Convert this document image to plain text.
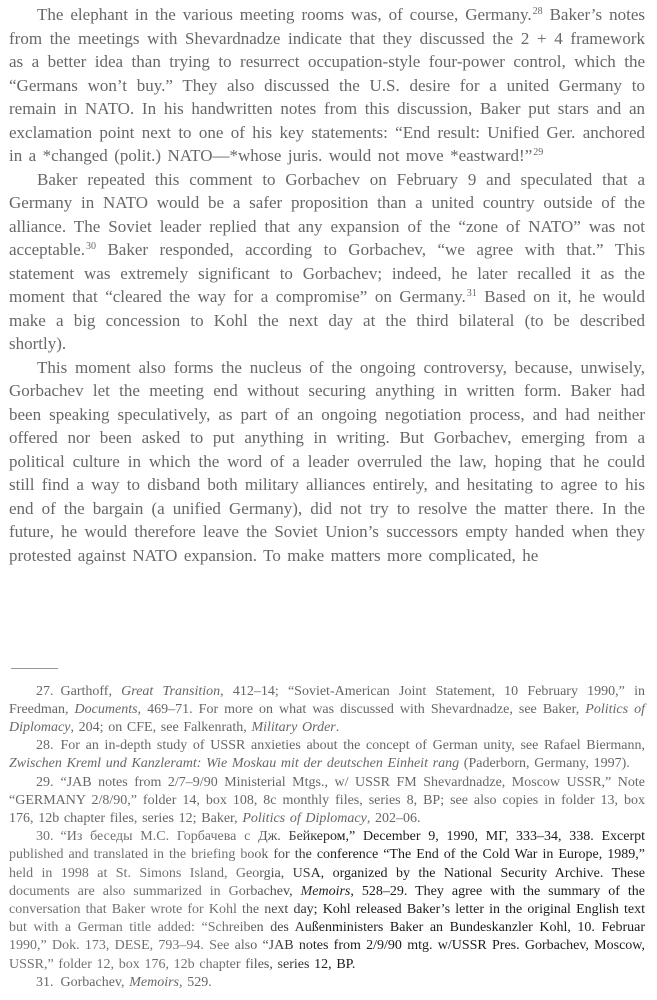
The elephant in the various meeting rooms was, of course, Germany.$^{28}$ Baker’s notes from the meetings with Shevardnadze indicate that they discussed the 2 + 4 framework as a better idea than trying to resurrect occupation-style four-power control, which the “Germans won’t buy.” They also discussed the U.S. desire for a united Germany to remain in NATO. In his handwritten notes from this discussion, Baker put stars and an exclamation point next to one of his key statements: “End result: Unified Ger. anchored in a *changed (polit.) NATO—*whose juris. would not move *eastward!”$^{29}$

Baker repeated this comment to Gorbachev on February 9 and speculated that a Germany in NATO would be a safer proposition than a united country outside of the alliance. The Soviet leader replied that any expansion of the “zone of NATO” was not acceptable.$^{30}$ Baker responded, according to Gorbachev, “we agree with that.” This statement was extremely significant to Gorbachev; indeed, he later recalled it as the moment that “cleared the way for a compromise” on Germany.$^{31}$ Based on it, he would make a big concession to Kohl the next day at the third bilateral (to be described shortly).

This moment also forms the nucleus of the ongoing controversy, because, unwisely, Gorbachev let the meeting end without securing anything in written form. Baker had been speaking speculatively, as part of an ongoing negotiation process, and had neither offered nor been asked to put anything in writing. But Gorbachev, emerging from a political culture in which the word of a leader overruled the law, hoping that he could still find a way to disband both military alliances entirely, and hesitating to agree to his end of the bargain (a unified Germany), did not try to resolve the matter there. In the future, he would therefore leave the Soviet Union’s successors empty handed when they protested against NATO expansion. To make matters more complicated, he

27. Garthoff, Great Transition, 412–14; “Soviet-American Joint Statement, 10 February 1990,” in Freedman, Documents, 469–71. For more on what was discussed with Shevardnadze, see Baker, Politics of Diplomacy, 204; on CFE, see Falkenrath, Military Order.

28. For an in-depth study of USSR anxieties about the concept of German unity, see Rafael Biermann, Zwischen Kreml und Kanzleramt: Wie Moskau mit der deutschen Einheit rang (Paderborn, Germany, 1997).

29. “JAB notes from 2/7–9/90 Ministerial Mtgs., w/ USSR FM Shevardnadze, Moscow USSR,” Note “GERMANY 2/8/90,” folder 14, box 108, 8c monthly files, series 8, BP; see also copies in folder 13, box 176, 12b chapter files, series 12; Baker, Politics of Diplomacy, 202–06.

30. “Из беседы М.С. Горбачева с Дж. Бейкером,” December 9, 1990, МГ, 333–34, 338. Excerpt published and translated in the briefing book for the conference “The End of the Cold War in Europe, 1989,” held in 1998 at St. Simons Island, Georgia, USA, organized by the National Security Archive. These documents are also summarized in Gorbachev, Memoirs, 528–29. They agree with the summary of the conversation that Baker wrote for Kohl the next day; Kohl released Baker’s letter in the original English text but with a German title added: “Schreiben des Außenministers Baker an Bundeskanzler Kohl, 10. Februar 1990,” Dok. 173, DESE, 793–94. See also “JAB notes from 2/9/90 mtg. w/USSR Pres. Gorbachev, Moscow, USSR,” folder 12, box 176, 12b chapter files, series 12, BP.

31. Gorbachev, Memoirs, 529.
